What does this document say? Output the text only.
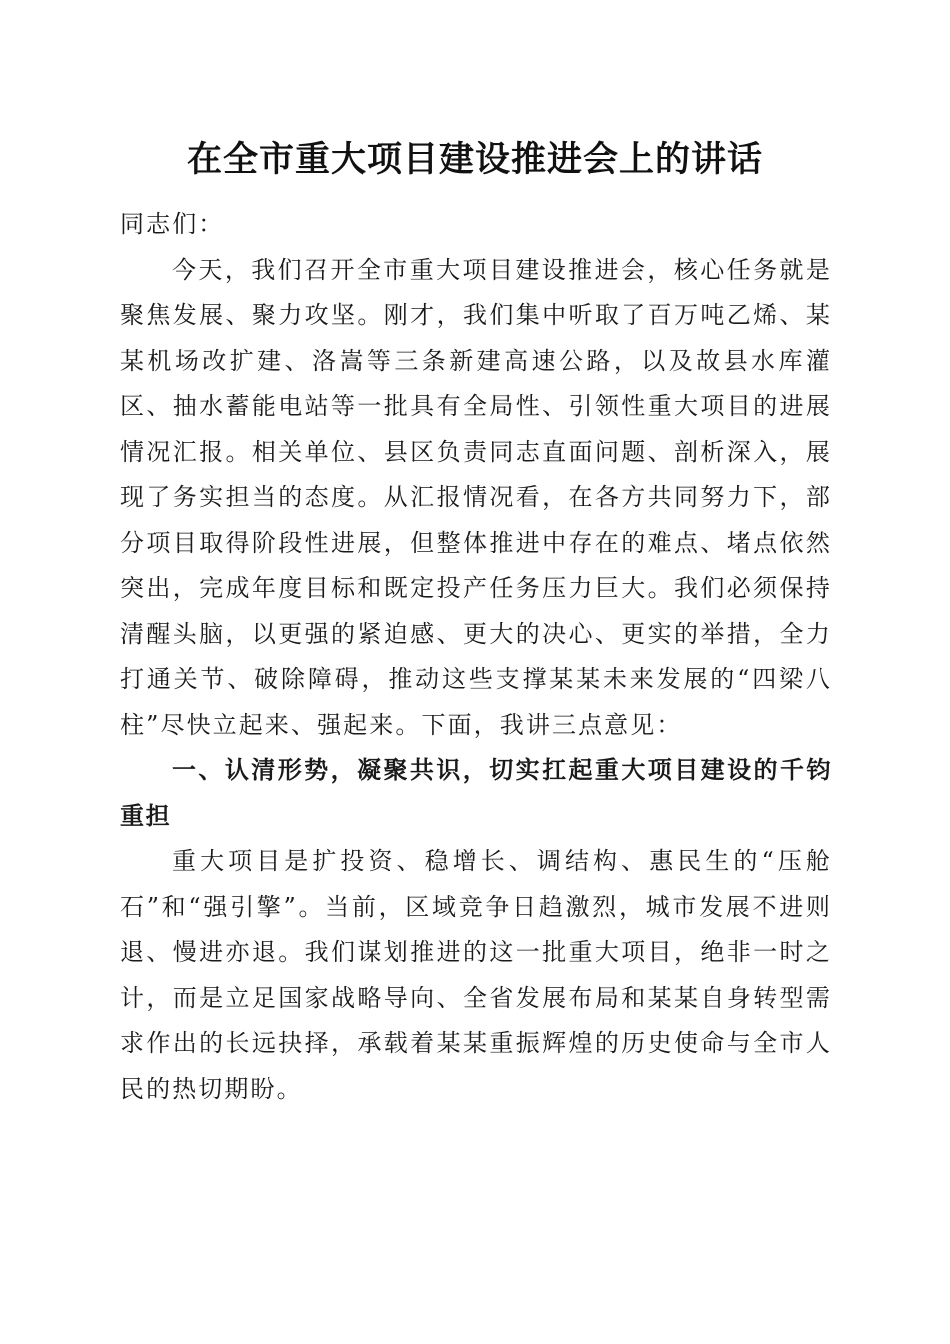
在全市重大项目建设推进会上的讲话

同志们：

今天，我们召开全市重大项目建设推进会，核心任务就是聚焦发展、聚力攻坚。刚才，我们集中听取了百万吨乙烯、某某机场改扩建、洛嵩等三条新建高速公路，以及故县水库灌区、抽水蓄能电站等一批具有全局性、引领性重大项目的进展情况汇报。相关单位、县区负责同志直面问题、剖析深入，展现了务实担当的态度。从汇报情况看，在各方共同努力下，部分项目取得阶段性进展，但整体推进中存在的难点、堵点依然突出，完成年度目标和既定投产任务压力巨大。我们必须保持清醒头脑，以更强的紧迫感、更大的决心、更实的举措，全力打通关节、破除障碍，推动这些支撑某某未来发展的“四梁八柱”尽快立起来、强起来。下面，我讲三点意见：

一、认清形势，凝聚共识，切实扛起重大项目建设的千钧重担

重大项目是扩投资、稳增长、调结构、惠民生的“压舱石”和“强引擎”。当前，区域竞争日趋激烈，城市发展不进则退、慢进亦退。我们谋划推进的这一批重大项目，绝非一时之计，而是立足国家战略导向、全省发展布局和某某自身转型需求作出的长远抉择，承载着某某重振辉煌的历史使命与全市人民的热切期盼。
